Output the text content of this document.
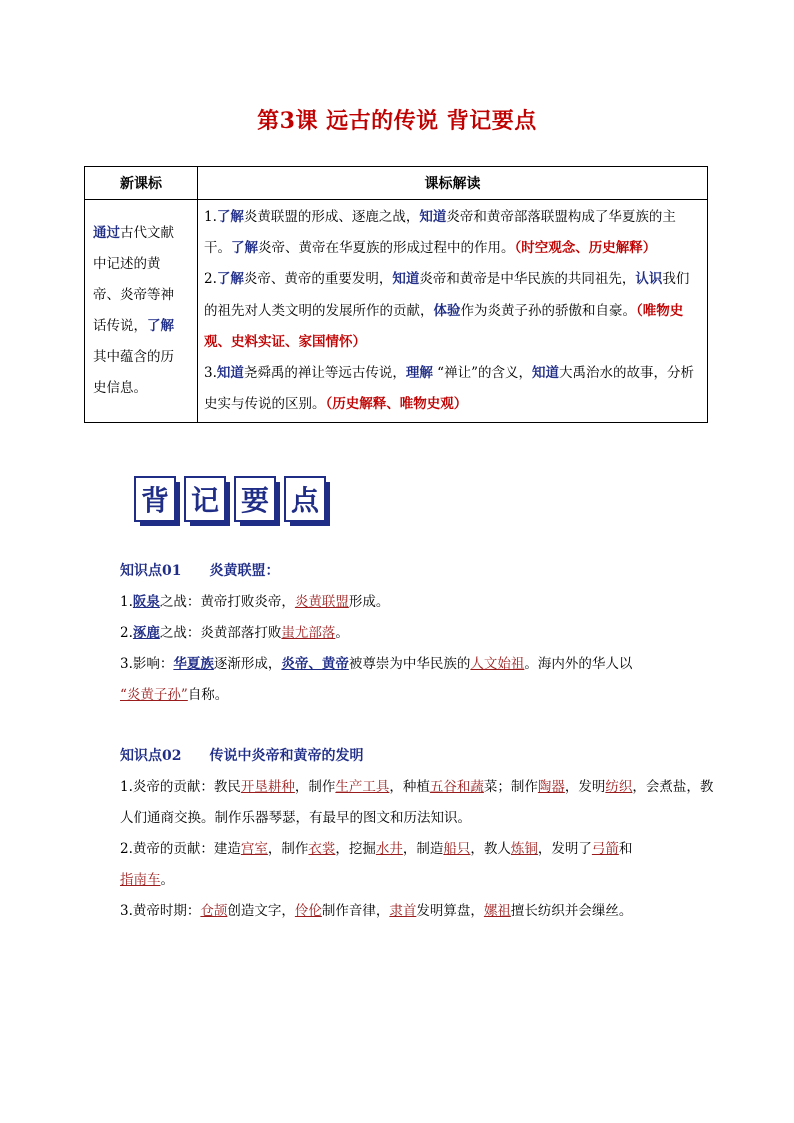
第3课 远古的传说 背记要点
新课标	课标解读
通过古代文献中记述的黄帝、炎帝等神话传说，了解其中蕴含的历史信息。	1.了解炎黄联盟的形成、逐鹿之战，知道炎帝和黄帝部落联盟构成了华夏族的主干。了解炎帝、黄帝在华夏族的形成过程中的作用。（时空观念、历史解释）
2.了解炎帝、黄帝的重要发明，知道炎帝和黄帝是中华民族的共同祖先，认识我们的祖先对人类文明的发展所作的贡献，体验作为炎黄子孙的骄傲和自豪。（唯物史观、史料实证、家国情怀）
3.知道尧舜禹的禅让等远古传说，理解 “禅让”的含义，知道大禹治水的故事，分析史实与传说的区别。（历史解释、唯物史观）
背 记 要 点
知识点01 炎黄联盟：
1.阪泉之战：黄帝打败炎帝，炎黄联盟形成。
2.涿鹿之战：炎黄部落打败蚩尤部落。
3.影响：华夏族逐渐形成，炎帝、黄帝被尊崇为中华民族的人文始祖。海内外的华人以
“炎黄子孙”自称。
知识点02 传说中炎帝和黄帝的发明
1.炎帝的贡献：教民开垦耕种，制作生产工具，种植五谷和蔬菜；制作陶器，发明纺织，会煮盐，教人们通商交换。制作乐器琴瑟，有最早的图文和历法知识。
2.黄帝的贡献：建造宫室，制作衣裳，挖掘水井，制造船只，教人炼铜，发明了弓箭和
指南车。
3.黄帝时期：仓颉创造文字，伶伦制作音律，隶首发明算盘，嫘祖擅长纺织并会缫丝。
